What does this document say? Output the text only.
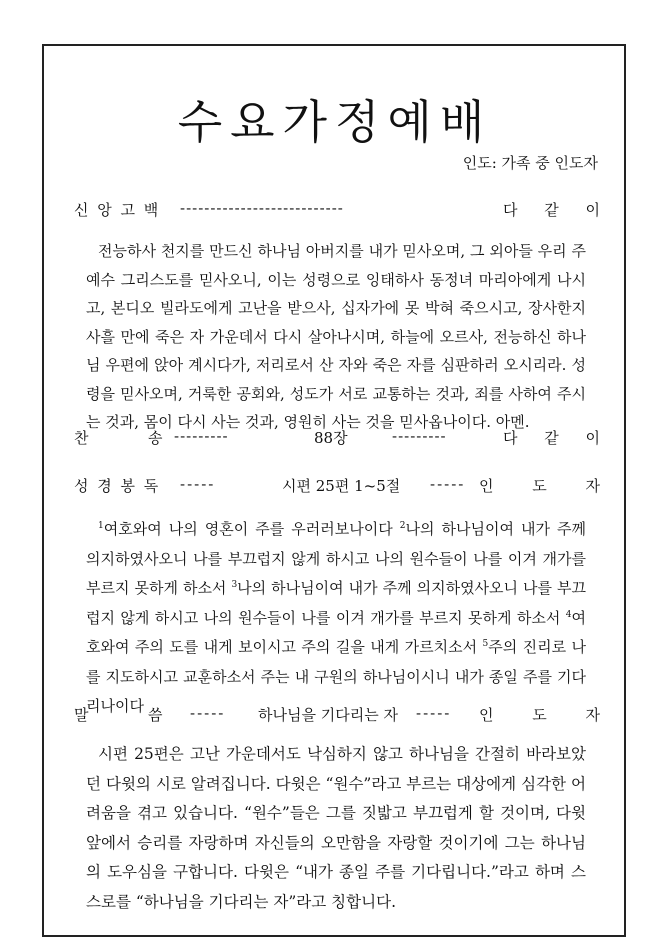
수요가정예배
인도: 가족 중 인도자
신 앙 고 백 ---------------------------	다 같 이
전능하사 천지를 만드신 하나님 아버지를 내가 믿사오며, 그 외아들 우리 주 예수 그리스도를 믿사오니, 이는 성령으로 잉태하사 동정녀 마리아에게 나시고, 본디오 빌라도에게 고난을 받으사, 십자가에 못 박혀 죽으시고, 장사한지 사흘 만에 죽은 자 가운데서 다시 살아나시며, 하늘에 오르사, 전능하신 하나님 우편에 앉아 계시다가, 저리로서 산 자와 죽은 자를 심판하러 오시리라. 성령을 믿사오며, 거룩한 공회와, 성도가 서로 교통하는 것과, 죄를 사하여 주시는 것과, 몸이 다시 사는 것과, 영원히 사는 것을 믿사옵나이다. 아멘.
찬	송 ---------	88장	---------	다 같 이
성 경 봉 독 -----	시편 25편 1~5절 ----- 인 도 자
$^1$여호와여 나의 영혼이 주를 우러러보나이다 $^2$나의 하나님이여 내가 주께 의지하였사오니 나를 부끄럽지 않게 하시고 나의 원수들이 나를 이겨 개가를 부르지 못하게 하소서 $^3$나의 하나님이여 내가 주께 의지하였사오니 나를 부끄럽지 않게 하시고 나의 원수들이 나를 이겨 개가를 부르지 못하게 하소서 $^4$여호와여 주의 도를 내게 보이시고 주의 길을 내게 가르치소서 $^5$주의 진리로 나를 지도하시고 교훈하소서 주는 내 구원의 하나님이시니 내가 종일 주를 기다리나이다
말	씀 ----- 하나님을 기다리는 자 ----- 인 도 자
시편 25편은 고난 가운데서도 낙심하지 않고 하나님을 간절히 바라보았던 다윗의 시로 알려집니다. 다윗은 “원수”라고 부르는 대상에게 심각한 어려움을 겪고 있습니다. “원수”들은 그를 짓밟고 부끄럽게 할 것이며, 다윗 앞에서 승리를 자랑하며 자신들의 오만함을 자랑할 것이기에 그는 하나님의 도우심을 구합니다. 다윗은 “내가 종일 주를 기다립니다.”라고 하며 스스로를 “하나님을 기다리는 자”라고 칭합니다.
